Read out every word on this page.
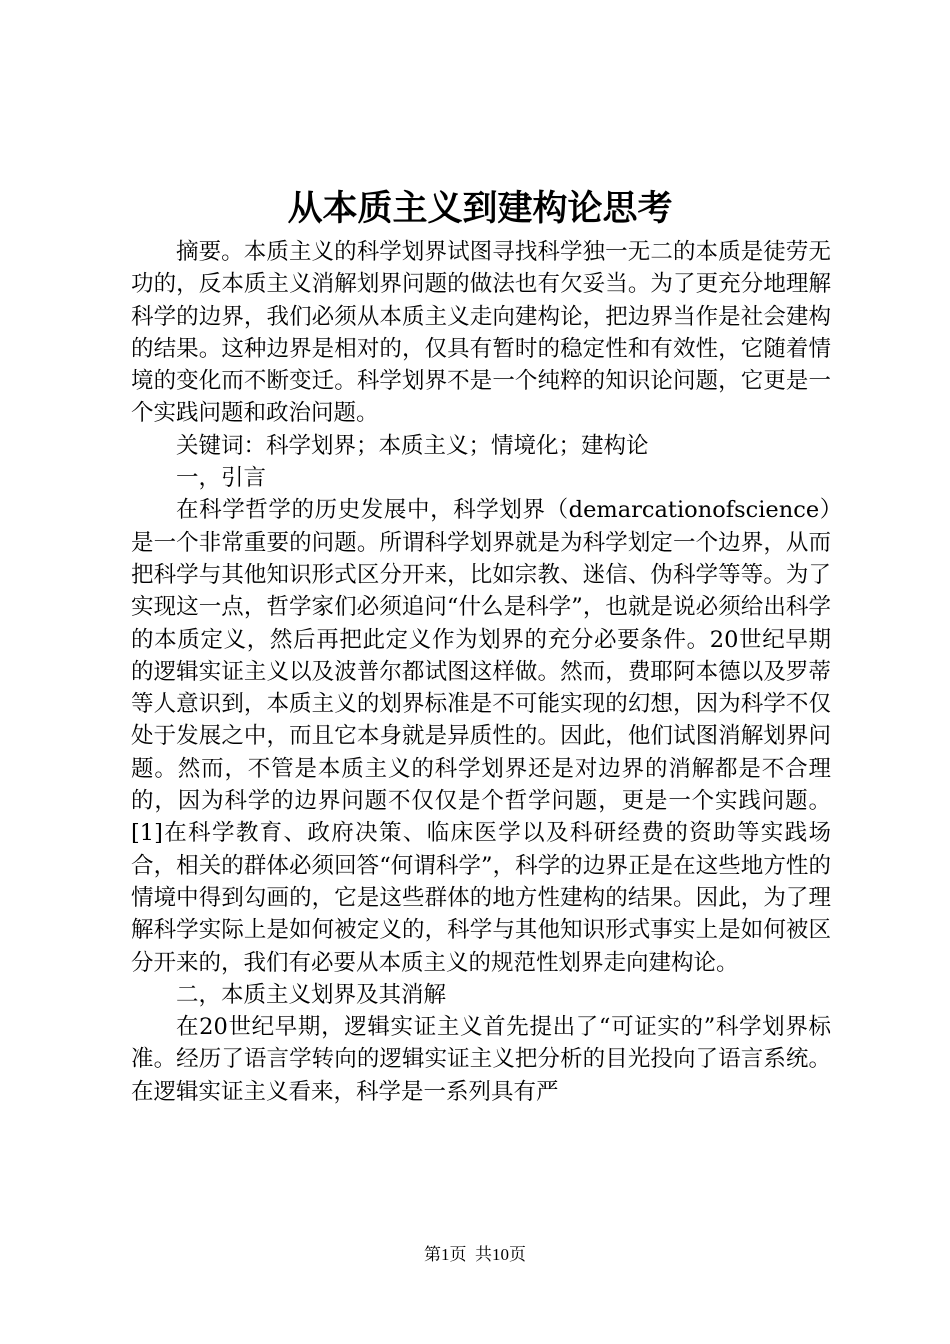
从本质主义到建构论思考

摘要。本质主义的科学划界试图寻找科学独一无二的本质是徒劳无功的，反本质主义消解划界问题的做法也有欠妥当。为了更充分地理解科学的边界，我们必须从本质主义走向建构论，把边界当作是社会建构的结果。这种边界是相对的，仅具有暂时的稳定性和有效性，它随着情境的变化而不断变迁。科学划界不是一个纯粹的知识论问题，它更是一个实践问题和政治问题。

关键词：科学划界；本质主义；情境化；建构论

一，引言

在科学哲学的历史发展中，科学划界（demarcationofscience）是一个非常重要的问题。所谓科学划界就是为科学划定一个边界，从而把科学与其他知识形式区分开来，比如宗教、迷信、伪科学等等。为了实现这一点，哲学家们必须追问“什么是科学”，也就是说必须给出科学的本质定义，然后再把此定义作为划界的充分必要条件。20世纪早期的逻辑实证主义以及波普尔都试图这样做。然而，费耶阿本德以及罗蒂等人意识到，本质主义的划界标准是不可能实现的幻想，因为科学不仅处于发展之中，而且它本身就是异质性的。因此，他们试图消解划界问题。然而，不管是本质主义的科学划界还是对边界的消解都是不合理的，因为科学的边界问题不仅仅是个哲学问题，更是一个实践问题。[1]在科学教育、政府决策、临床医学以及科研经费的资助等实践场合，相关的群体必须回答“何谓科学”，科学的边界正是在这些地方性的情境中得到勾画的，它是这些群体的地方性建构的结果。因此，为了理解科学实际上是如何被定义的，科学与其他知识形式事实上是如何被区分开来的，我们有必要从本质主义的规范性划界走向建构论。

二，本质主义划界及其消解

在20世纪早期，逻辑实证主义首先提出了“可证实的”科学划界标准。经历了语言学转向的逻辑实证主义把分析的目光投向了语言系统。在逻辑实证主义看来，科学是一系列具有严

第1页 共10页
